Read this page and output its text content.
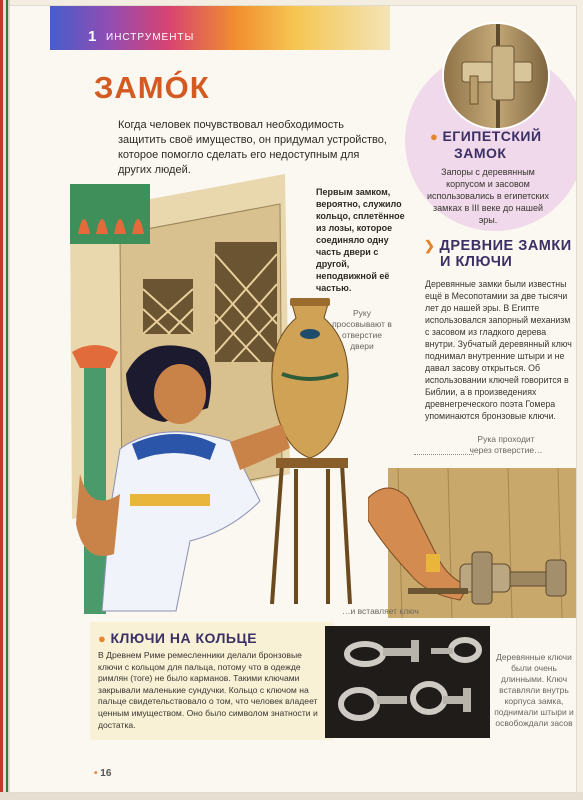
1 ИНСТРУМЕНТЫ
ЗАМÓК
Когда человек почувствовал необходимость защитить своё имущество, он придумал устройство, которое помогло сделать его недоступным для других людей.
● ЕГИПЕТСКИЙ
ЗАМОК
Запоры с деревянным корпусом и засовом использовались в египетских замках в III веке до нашей эры.
Первым замком, вероятно, служило кольцо, сплетённое из лозы, которое соединяло одну часть двери с другой, неподвижной её частью.
Руку просовывают в отверстие двери
❯ ДРЕВНИЕ ЗАМКИ
И КЛЮЧИ
Деревянные замки были известны ещё в Месопотамии за две тысячи лет до нашей эры. В Египте использовался запорный механизм с засовом из гладкого дерева внутри. Зубчатый деревянный ключ поднимал внутренние штыри и не давал засову открыться. Об использовании ключей говорится в Библии, а в произведениях древнегреческого поэта Гомера упоминаются бронзовые ключи.
Рука проходит через отверстие…
…и вставляет ключ
● КЛЮЧИ НА КОЛЬЦЕ
В Древнем Риме ремесленники делали бронзовые ключи с кольцом для пальца, потому что в одежде римлян (тоге) не было карманов. Такими ключами закрывали маленькие сундучки. Кольцо с ключом на пальце свидетельствовало о том, что человек владеет ценным имуществом. Оно было символом знатности и достатка.
Деревянные ключи были очень длинными. Ключ вставляли внутрь корпуса замка, поднимали штыри и освобождали засов
• 16
